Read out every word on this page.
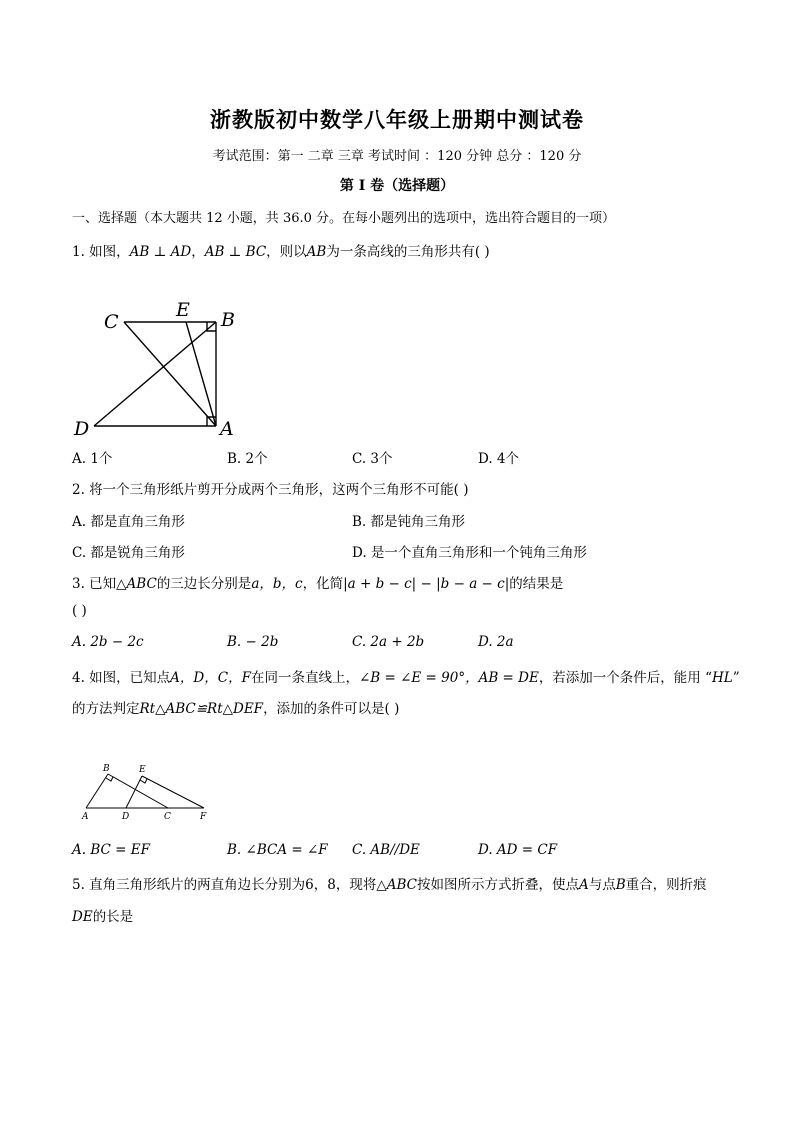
浙教版初中数学八年级上册期中测试卷
考试范围：第一 二章 三章 考试时间 ：120 分钟 总分 ：120 分
第 I 卷（选择题）
一、选择题（本大题共 12 小题，共 36.0 分。在每小题列出的选项中，选出符合题目的一项）
1. 如图，AB ⊥ AD，AB ⊥ BC，则以AB为一条高线的三角形共有( )
C
E B
D	A
A. 1个	B. 2个	C. 3个	D. 4个
2. 将一个三角形纸片剪开分成两个三角形，这两个三角形不可能( )
A. 都是直角三角形	B. 都是钝角三角形
C. 都是锐角三角形	D. 是一个直角三角形和一个钝角三角形
3. 已知△ABC的三边长分别是a，b，c，化简|a + b − c| − |b − a − c|的结果是
( )
A. 2b − 2c	B. − 2b	C. 2a + 2b	D. 2a
4. 如图，已知点A，D，C，F在同一条直线上，∠B = ∠E = 90°，AB = DE，若添加一个条件后，能用 “HL”
的方法判定Rt△ABC≌Rt△DEF，添加的条件可以是( )
B	E
A	D	C	F
A. BC = EF	B. ∠BCA = ∠F C. AB//DE	D. AD = CF
5. 直角三角形纸片的两直角边长分别为6，8，现将△ABC按如图所示方式折叠，使点A与点B重合，则折痕
DE的长是
